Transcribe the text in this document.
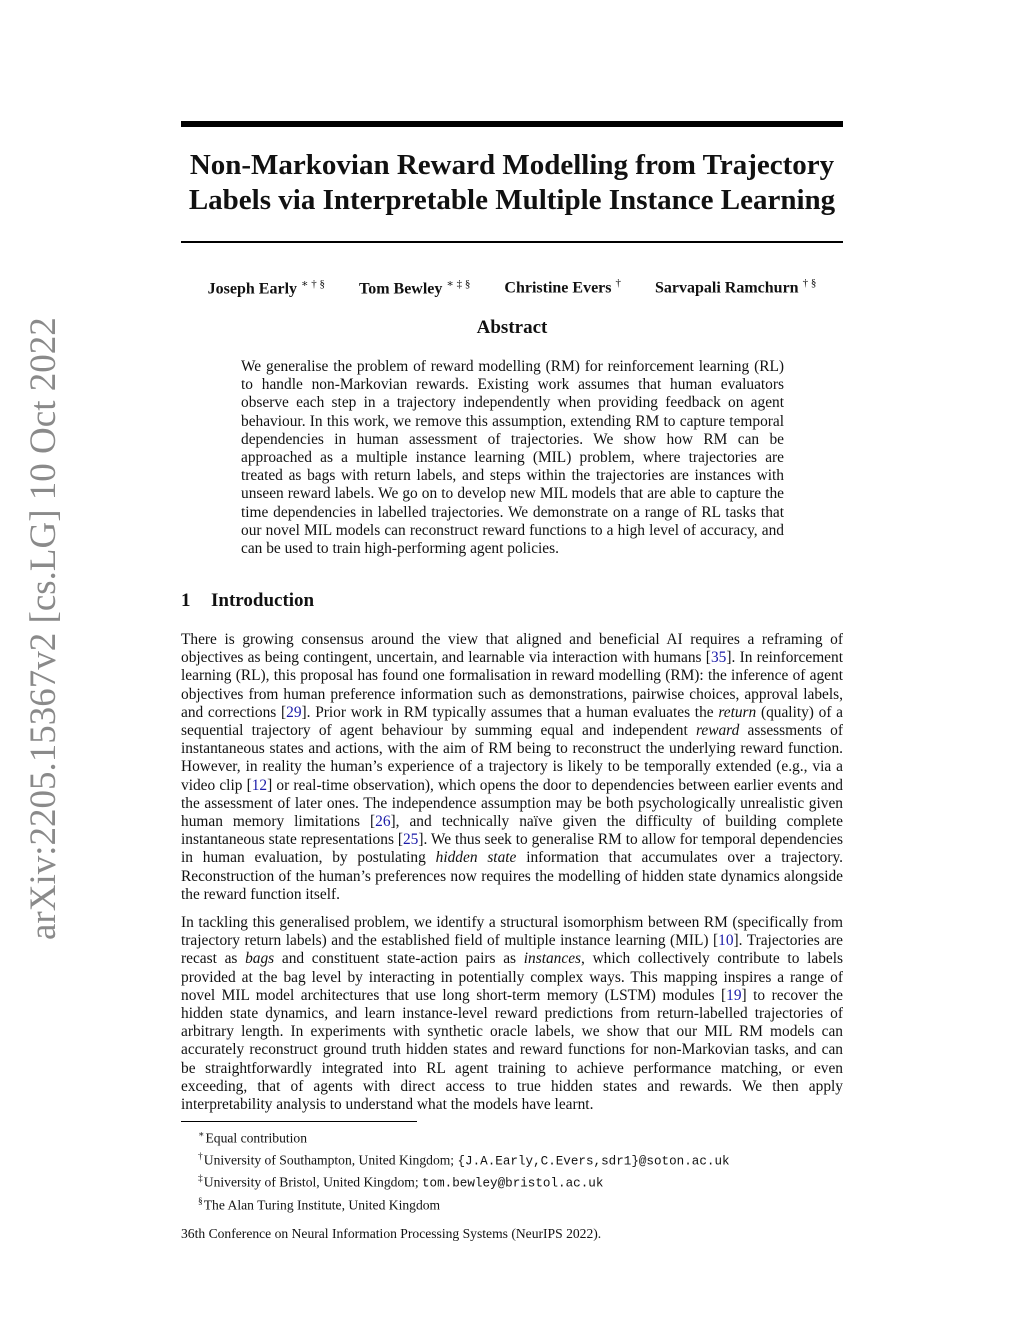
arXiv:2205.15367v2 [cs.LG] 10 Oct 2022
Non-Markovian Reward Modelling from Trajectory
Labels via Interpretable Multiple Instance Learning
Joseph Early ∗ † § Tom Bewley ∗ ‡ § Christine Evers † Sarvapali Ramchurn † §
Abstract

We generalise the problem of reward modelling (RM) for reinforcement learning (RL) to handle non-Markovian rewards. Existing work assumes that human evaluators observe each step in a trajectory independently when providing feedback on agent behaviour. In this work, we remove this assumption, extending RM to capture temporal dependencies in human assessment of trajectories. We show how RM can be approached as a multiple instance learning (MIL) problem, where trajectories are treated as bags with return labels, and steps within the trajectories are instances with unseen reward labels. We go on to develop new MIL models that are able to capture the time dependencies in labelled trajectories. We demonstrate on a range of RL tasks that our novel MIL models can reconstruct reward functions to a high level of accuracy, and can be used to train high-performing agent policies.

1 Introduction

There is growing consensus around the view that aligned and beneficial AI requires a reframing of objectives as being contingent, uncertain, and learnable via interaction with humans [35]. In reinforcement learning (RL), this proposal has found one formalisation in reward modelling (RM): the inference of agent objectives from human preference information such as demonstrations, pairwise choices, approval labels, and corrections [29]. Prior work in RM typically assumes that a human evaluates the return (quality) of a sequential trajectory of agent behaviour by summing equal and independent reward assessments of instantaneous states and actions, with the aim of RM being to reconstruct the underlying reward function. However, in reality the human’s experience of a trajectory is likely to be temporally extended (e.g., via a video clip [12] or real-time observation), which opens the door to dependencies between earlier events and the assessment of later ones. The independence assumption may be both psychologically unrealistic given human memory limitations [26], and technically naïve given the difficulty of building complete instantaneous state representations [25]. We thus seek to generalise RM to allow for temporal dependencies in human evaluation, by postulating hidden state information that accumulates over a trajectory. Reconstruction of the human’s preferences now requires the modelling of hidden state dynamics alongside the reward function itself.

In tackling this generalised problem, we identify a structural isomorphism between RM (specifically from trajectory return labels) and the established field of multiple instance learning (MIL) [10]. Trajectories are recast as bags and constituent state-action pairs as instances, which collectively contribute to labels provided at the bag level by interacting in potentially complex ways. This mapping inspires a range of novel MIL model architectures that use long short-term memory (LSTM) modules [19] to recover the hidden state dynamics, and learn instance-level reward predictions from return-labelled trajectories of arbitrary length. In experiments with synthetic oracle labels, we show that our MIL RM models can accurately reconstruct ground truth hidden states and reward functions for non-Markovian tasks, and can be straightforwardly integrated into RL agent training to achieve performance matching, or even exceeding, that of agents with direct access to true hidden states and rewards. We then apply interpretability analysis to understand what the models have learnt.

∗Equal contribution

†University of Southampton, United Kingdom; {J.A.Early,C.Evers,sdr1}@soton.ac.uk

‡University of Bristol, United Kingdom; tom.bewley@bristol.ac.uk

§The Alan Turing Institute, United Kingdom

36th Conference on Neural Information Processing Systems (NeurIPS 2022).
